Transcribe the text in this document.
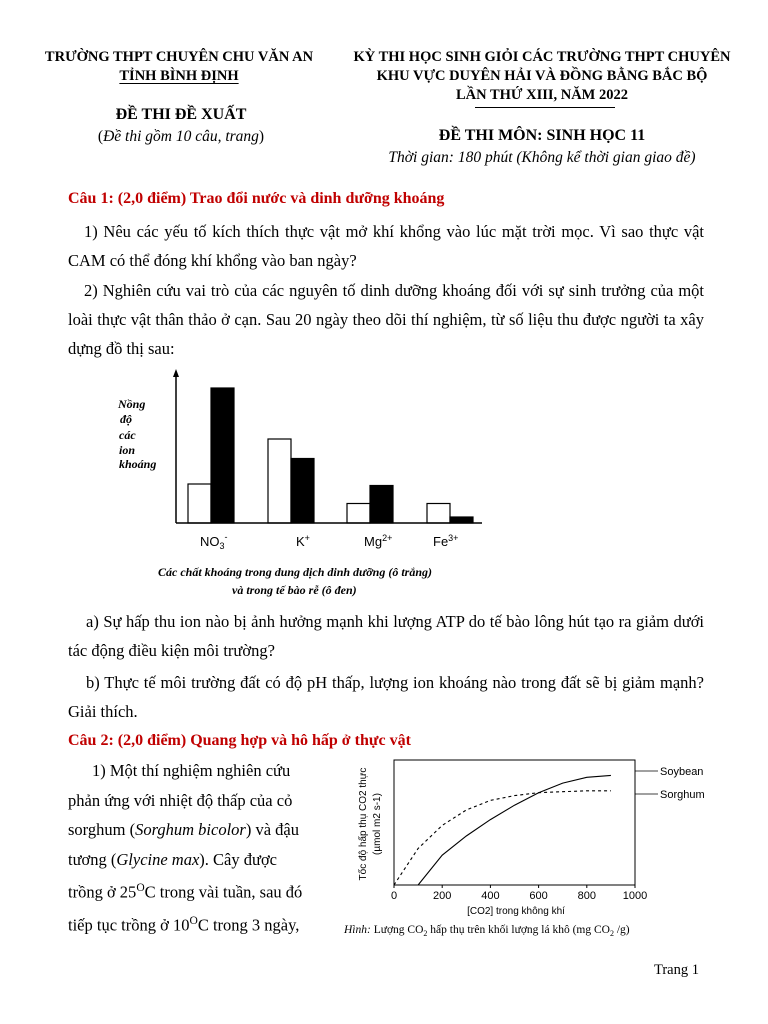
TRƯỜNG THPT CHUYÊN CHU VĂN AN
TỈNH BÌNH ĐỊNH
KỲ THI HỌC SINH GIỎI CÁC TRƯỜNG THPT CHUYÊN
KHU VỰC DUYÊN HẢI VÀ ĐỒNG BẰNG BẮC BỘ
LẦN THỨ XIII, NĂM 2022
ĐỀ THI ĐỀ XUẤT
(Đề thi gồm 10 câu, trang)	ĐỀ THI MÔN: SINH HỌC 11
Thời gian: 180 phút (Không kể thời gian giao đề)
Câu 1: (2,0 điểm) Trao đổi nước và dinh dưỡng khoáng
1) Nêu các yếu tố kích thích thực vật mở khí khổng vào lúc mặt trời mọc. Vì sao thực vật CAM có thể đóng khí khổng vào ban ngày?
2) Nghiên cứu vai trò của các nguyên tố dinh dưỡng khoáng đối với sự sinh trưởng của một loài thực vật thân thảo ở cạn. Sau 20 ngày theo dõi thí nghiệm, từ số liệu thu được người ta xây dựng đồ thị sau:
Nồng độ các ion khoáng
$NO_3^-$	K+	$Mg^{2+}$	$Fe^{3+}$
Các chất khoáng trong dung dịch dinh dưỡng (ô trắng)
và trong tế bào rễ (ô đen)
a) Sự hấp thu ion nào bị ảnh hưởng mạnh khi lượng ATP do tế bào lông hút tạo ra giảm dưới tác động điều kiện môi trường?
b) Thực tế môi trường đất có độ pH thấp, lượng ion khoáng nào trong đất sẽ bị giảm mạnh? Giải thích.
Câu 2: (2,0 điểm) Quang hợp và hô hấp ở thực vật
1) Một thí nghiệm nghiên cứu
phản ứng với nhiệt độ thấp của cỏ
sorghum (Sorghum bicolor) và đậu
tương (Glycine max). Cây được
trồng ở $25^OC$ trong vài tuần, sau đó
tiếp tục trồng ở $10^OC$ trong 3 ngày,
Soybean
Sorghum
0	200	400	600	800 1000
[CO2] trong không khí
Tốc độ hấp thụ CO2 thực (µmol m2 s-1)
Hình: Lượng $CO_2$ hấp thụ trên khối lượng lá khô (mg $CO_2$ /g)
Trang 1
